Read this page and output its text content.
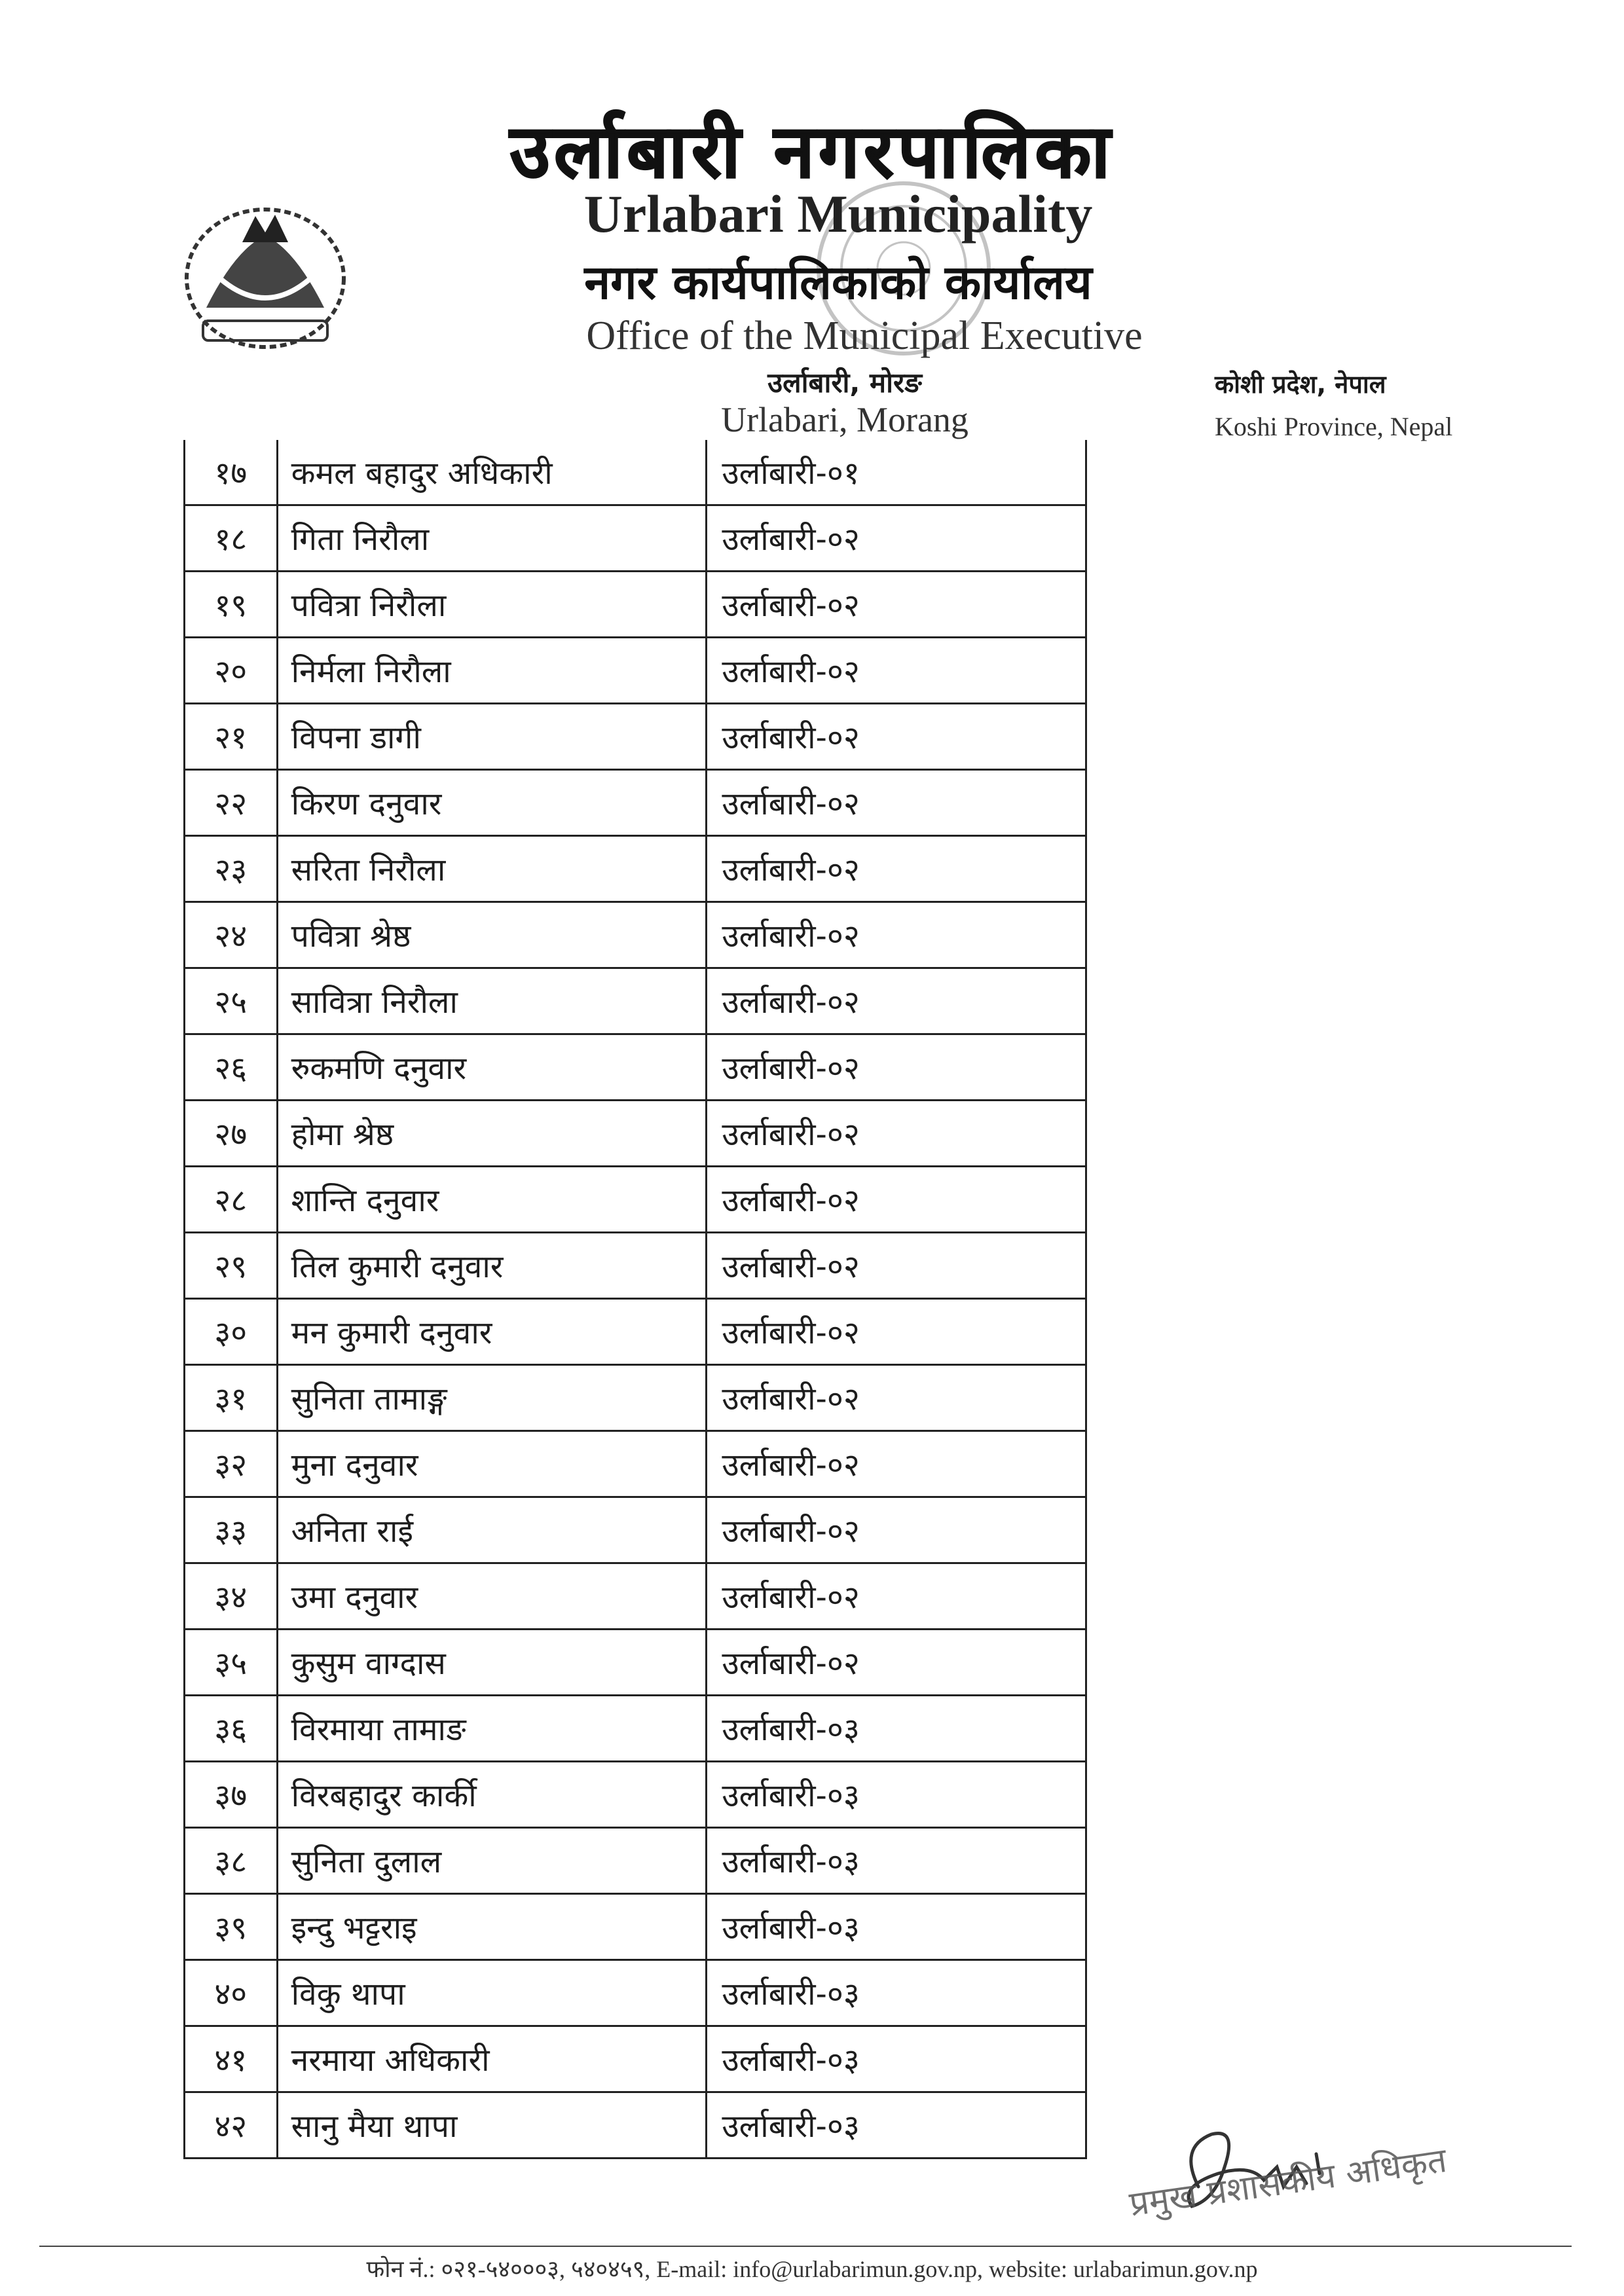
उर्लाबारी नगरपालिका
Urlabari Municipality
नगर कार्यपालिकाको कार्यालय
Office of the Municipal Executive
उर्लाबारी, मोरङ
Urlabari, Morang
कोशी प्रदेश, नेपाल
Koshi Province, Nepal
१७	कमल बहादुर अधिकारी	उर्लाबारी-०१
१८	गिता निरौला	उर्लाबारी-०२
१९	पवित्रा निरौला	उर्लाबारी-०२
२०	निर्मला निरौला	उर्लाबारी-०२
२१	विपना डागी	उर्लाबारी-०२
२२	किरण दनुवार	उर्लाबारी-०२
२३	सरिता निरौला	उर्लाबारी-०२
२४	पवित्रा श्रेष्ठ	उर्लाबारी-०२
२५	सावित्रा निरौला	उर्लाबारी-०२
२६	रुकमणि दनुवार	उर्लाबारी-०२
२७	होमा श्रेष्ठ	उर्लाबारी-०२
२८	शान्ति दनुवार	उर्लाबारी-०२
२९	तिल कुमारी दनुवार	उर्लाबारी-०२
३०	मन कुमारी दनुवार	उर्लाबारी-०२
३१	सुनिता तामाङ्ग	उर्लाबारी-०२
३२	मुना दनुवार	उर्लाबारी-०२
३३	अनिता राई	उर्लाबारी-०२
३४	उमा दनुवार	उर्लाबारी-०२
३५	कुसुम वाग्दास	उर्लाबारी-०२
३६	विरमाया तामाङ	उर्लाबारी-०३
३७	विरबहादुर कार्की	उर्लाबारी-०३
३८	सुनिता दुलाल	उर्लाबारी-०३
३९	इन्दु भट्टराइ	उर्लाबारी-०३
४०	विकु थापा	उर्लाबारी-०३
४१	नरमाया अधिकारी	उर्लाबारी-०३
४२	सानु मैया थापा	उर्लाबारी-०३
प्रमुख प्रशासकीय अधिकृत
फोन नं.: ०२१-५४०००३, ५४०४५९, E-mail: info@urlabarimun.gov.np, website: urlabarimun.gov.np
